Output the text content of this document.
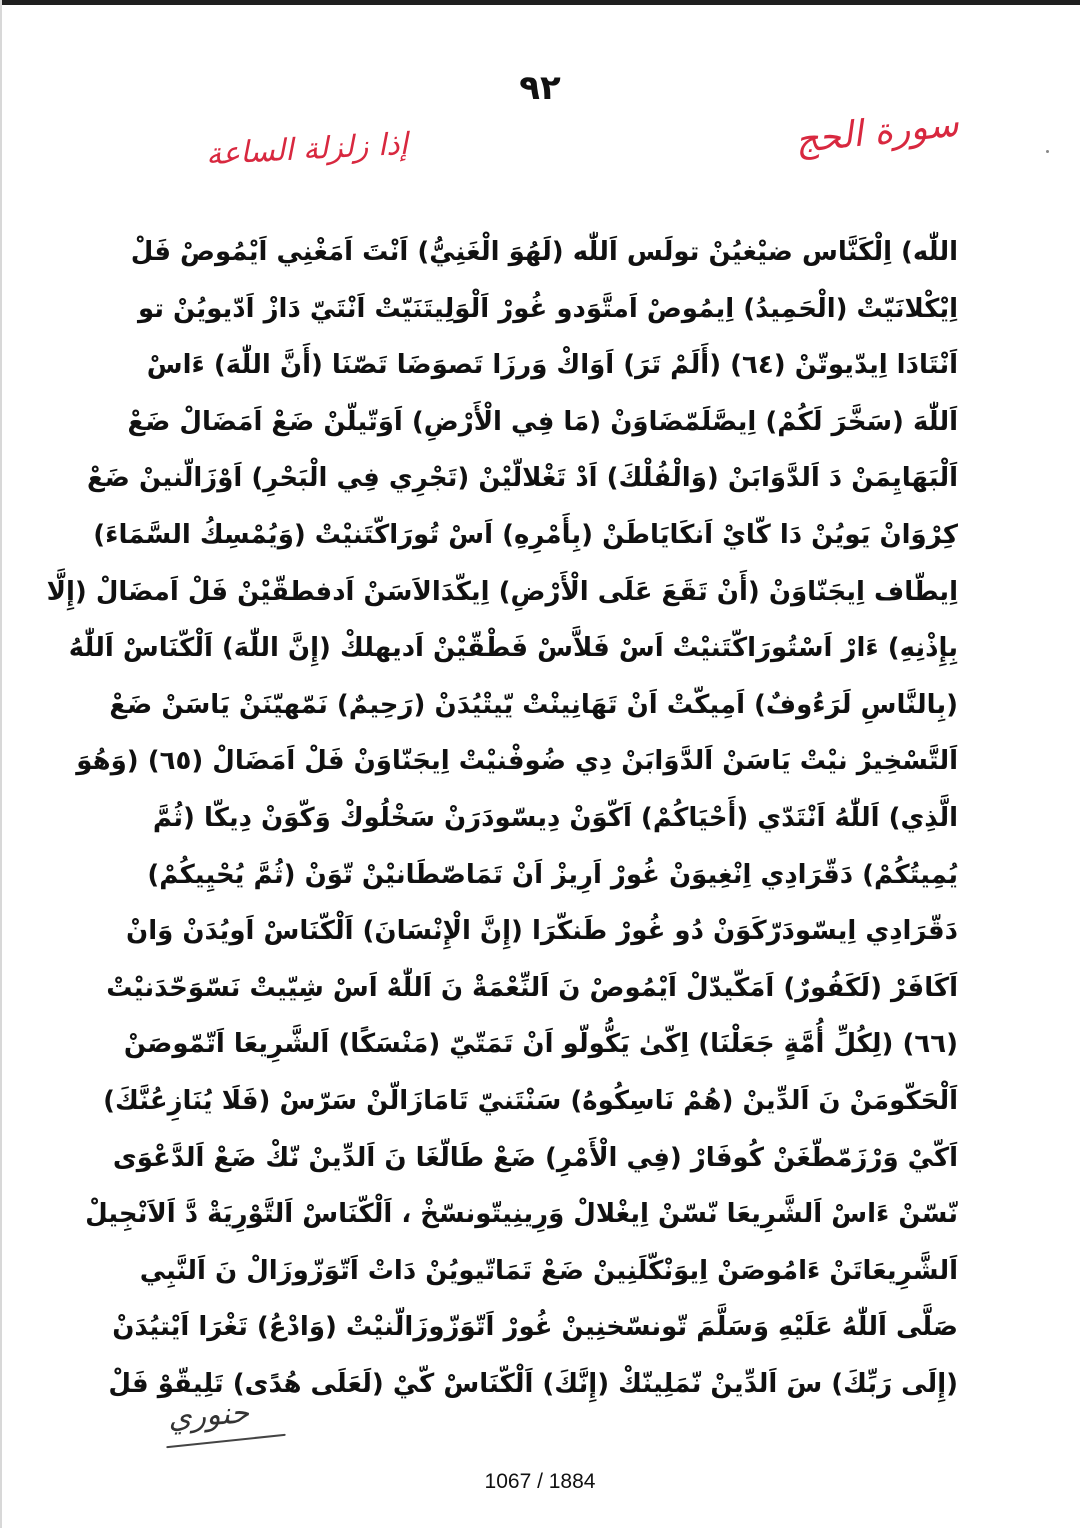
٩٢
إذا زلزلة الساعة	سورة الحج
اللّٰه) اِلْكَنَّاس ضيْغيُنْ تولَس اَللّٰه (لَهُوَ الْغَنِيُّ) اَنْتَ اَمَغْنِي اَيْمُوصْ فَلْ
اِيْكْلانَيّتْ (الْحَمِيدُ) اِيمُوصْ اَمتَّوَدو غُورْ اَلْوَلِيتَنَيّتْ اَنْتَيّ دَازْ اَدّيويُنْ تو
اَنْتَادَا اِيدّيوتّنْ (٦٤) (أَلَمْ تَرَ) اَوَاكْ وَرزَا تَصوَضَا تَصّنَا (أَنَّ اللّٰهَ) ءَاسْ
اَللّٰهَ (سَخَّرَ لَكُمْ) اِيصَّلَمّضَاوَنْ (مَا فِي الْأَرْضِ) اَوَتّيلّنْ ضَعْ اَمَضَالْ ضَعْ
اَلْبَهَايِمَنْ دَ اَلدَّوَابَنْ (وَالْفُلْكَ) اَدْ تَغْلالّيْنْ (تَجْرِي فِي الْبَحْرِ) اَوْزَالّنينْ ضَعْ
كِرْوَانْ يَويُنْ دَا كّايْ اَنكَايَاطَنْ (بِأَمْرِهِ) اَسْ تُورَاكّتَنيْتْ (وَيُمْسِكُ السَّمَاءَ)
اِيطّاف اِيجَنّاوَنْ (أَنْ تَقَعَ عَلَى الْأَرْضِ) اِيكّدَالاَسَنْ اَدفطقّيْنْ فَلْ اَمضَالْ (إِلَّا
بِإِذْنِهِ) ءَارْ اَسْتُورَاكّتَنيْتْ اَسْ فَلاَّسْ فَطْقّيْنْ اَديهلكْ (إِنَّ اللّٰهَ) اَلْكّنَاسْ اَللّٰهُ
(بِالنَّاسِ لَرَءُوفٌ) اَمِيكّتْ اَنْ تَهَانِينْتْ يّيتْيُدَنْ (رَحِيمٌ) نَمّهيّنَنْ يَاسَنْ ضَعْ
اَلتَّسْخِيرْ نيْتْ يَاسَنْ اَلدَّوَابَنْ دِي ضُوفْنيْتْ اِيجَنّاوَنْ فَلْ اَمَضَالْ (٦٥) (وَهُوَ
الَّذِي) اَللّٰهُ اَنْتَدّي (أَحْيَاكُمْ) اَكّوَنْ دِيسّودَرَنْ سَخْلُوكْ وَكّوَنْ دِيكّا (ثُمَّ
يُمِيتُكُمْ) دَقّرَادِي اِنْغِيوَنْ غُورْ اَرِيزْ اَنْ تَمَاصّطَانيْنْ تّوَنْ (ثُمَّ يُحْيِيكُمْ)
دَقّرَادِي اِيسّودَرّكَوَنْ دُو غُورْ طَنكّرَا (إِنَّ الْإِنْسَانَ) اَلْكّنَاسْ اَويُدَنْ وَانْ
اَكَافَرْ (لَكَفُورٌ) اَمَكّيدّلْ اَيْمُوصْ نَ اَلنِّعْمَةْ نَ اَللّٰهْ اَسْ شِيّيتْ نَسّوَحّدَنيْتْ
(٦٦) (لِكُلِّ أُمَّةٍ جَعَلْنَا) اِكّىٰ يَكُّولّو اَنْ تَمَتّيّ (مَنْسَكًا) اَلشَّرِيعَا اَتّمّوصَنْ
اَلْحَكّومَنْ نَ اَلدِّينْ (هُمْ نَاسِكُوهُ) سَنْتَنيّ تَامَازَالّنْ سَرّسْ (فَلَا يُنَازِعُنَّكَ)
اَكّيْ وَرْزَمّطّغَنْ كُوفَارْ (فِي الْأَمْرِ) ضَعْ طَالّغَا نَ اَلدِّينْ نّكْ ضَعْ اَلدَّعْوَى
نّسّنْ ءَاسْ اَلشَّرِيعَا نّسّنْ اِيغْلالْ وَرِينِيتّونسّخْ ، اَلْكّنَاسْ اَلتَّوْرِيَةْ دَّ اَلاَنْجِيلْ
اَلشَّرِيعَاتَنْ ءَامُوصَنْ اِيوَنْكّلَنِينْ ضَعْ تَمَاتّيويُنْ دَاتْ اَتّوَزّوزَالْ نَ اَلنَّبِي
صَلَّى اَللّٰهُ عَلَيْهِ وَسَلَّمَ تّونسّخنِينْ غُورْ اَتّوَزّوزَالّنيْتْ (وَادْعُ) تَغْرَا اَيْتيُدَنْ
(إِلَى رَبِّكَ) سَ اَلدِّينْ نّمَلِينّكْ (إِنَّكَ) اَلْكّنَاسْ كّيْ (لَعَلَى هُدًى) تَلِيقّوْ فَلْ
حنوري
1067 / 1884
